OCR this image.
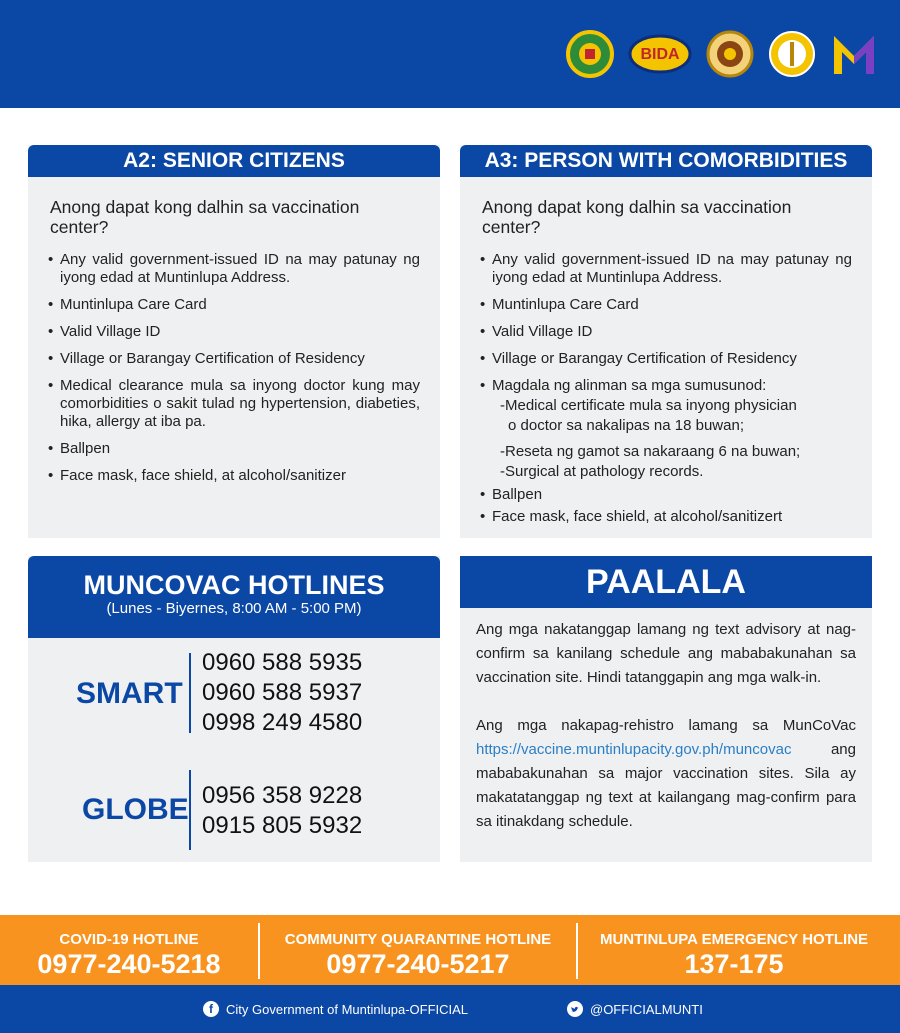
BIDA
A2: SENIOR CITIZENS
Anong dapat kong dalhin sa vaccination center?
• Any valid government-issued ID na may patunay ng iyong edad at Muntinlupa Address.
• Muntinlupa Care Card
• Valid Village ID
• Village or Barangay Certification of Residency
• Medical clearance mula sa inyong doctor kung may comorbidities o sakit tulad ng hypertension, diabeties, hika, allergy at iba pa.
• Ballpen
• Face mask, face shield, at alcohol/sanitizer
A3: PERSON WITH COMORBIDITIES
Anong dapat kong dalhin sa vaccination center?
• Any valid government-issued ID na may patunay ng iyong edad at Muntinlupa Address.
• Muntinlupa Care Card
• Valid Village ID
• Village or Barangay Certification of Residency
• Magdala ng alinman sa mga sumusunod:
-Medical certificate mula sa inyong physician
o doctor sa nakalipas na 18 buwan;
-Reseta ng gamot sa nakaraang 6 na buwan;
-Surgical at pathology records.
• Ballpen
• Face mask, face shield, at alcohol/sanitizert
MUNCOVAC HOTLINES
(Lunes - Biyernes, 8:00 AM - 5:00 PM)
SMART
0960 588 5935
0960 588 5937
0998 249 4580
GLOBE 0956 358 9228
0915 805 5932
PAALALA

Ang mga nakatanggap lamang ng text advisory at nag-confirm sa kanilang schedule ang mababakunahan sa vaccination site. Hindi tatanggapin ang mga walk-in.

Ang mga nakapag-rehistro lamang sa MunCoVac https://vaccine.muntinlupacity.gov.ph/muncovac	ang mababakunahan sa major vaccination sites. Sila ay makatatanggap ng text at kailangang mag-confirm para sa itinakdang schedule.

COVID-19 HOTLINE
0977-240-5218
COMMUNITY QUARANTINE HOTLINE
0977-240-5217
MUNTINLUPA EMERGENCY HOTLINE
137-175
f	City Government of Muntinlupa-OFFICIAL	@OFFICIALMUNTI
